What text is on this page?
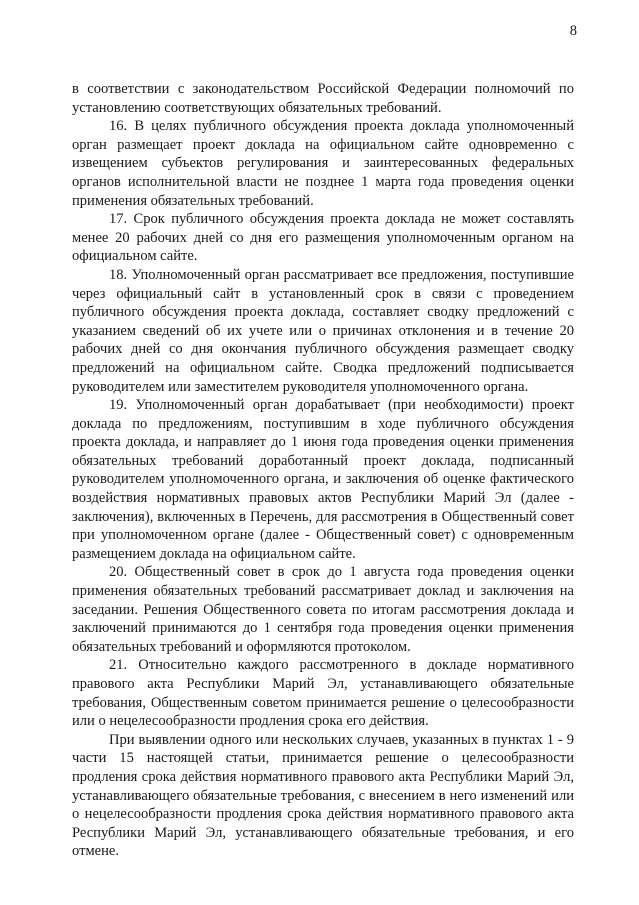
8

в соответствии с законодательством Российской Федерации полномочий по установлению соответствующих обязательных требований.

16. В целях публичного обсуждения проекта доклада уполномоченный орган размещает проект доклада на официальном сайте одновременно с извещением субъектов регулирования и заинтересованных федеральных органов исполнительной власти не позднее 1 марта года проведения оценки применения обязательных требований.

17. Срок публичного обсуждения проекта доклада не может составлять менее 20 рабочих дней со дня его размещения уполномоченным органом на официальном сайте.

18. Уполномоченный орган рассматривает все предложения, поступившие через официальный сайт в установленный срок в связи с проведением публичного обсуждения проекта доклада, составляет сводку предложений с указанием сведений об их учете или о причинах отклонения и в течение 20 рабочих дней со дня окончания публичного обсуждения размещает сводку предложений на официальном сайте. Сводка предложений подписывается руководителем или заместителем руководителя уполномоченного органа.

19. Уполномоченный орган дорабатывает (при необходимости) проект доклада по предложениям, поступившим в ходе публичного обсуждения проекта доклада, и направляет до 1 июня года проведения оценки применения обязательных требований доработанный проект доклада, подписанный руководителем уполномоченного органа, и заключения об оценке фактического воздействия нормативных правовых актов Республики Марий Эл (далее - заключения), включенных в Перечень, для рассмотрения в Общественный совет при уполномоченном органе (далее - Общественный совет) с одновременным размещением доклада на официальном сайте.

20. Общественный совет в срок до 1 августа года проведения оценки применения обязательных требований рассматривает доклад и заключения на заседании. Решения Общественного совета по итогам рассмотрения доклада и заключений принимаются до 1 сентября года проведения оценки применения обязательных требований и оформляются протоколом.

21. Относительно каждого рассмотренного в докладе нормативного правового акта Республики Марий Эл, устанавливающего обязательные требования, Общественным советом принимается решение о целесообразности или о нецелесообразности продления срока его действия.

При выявлении одного или нескольких случаев, указанных в пунктах 1 - 9 части 15 настоящей статьи, принимается решение о целесообразности продления срока действия нормативного правового акта Республики Марий Эл, устанавливающего обязательные требования, с внесением в него изменений или о нецелесообразности продления срока действия нормативного правового акта Республики Марий Эл, устанавливающего обязательные требования, и его отмене.
